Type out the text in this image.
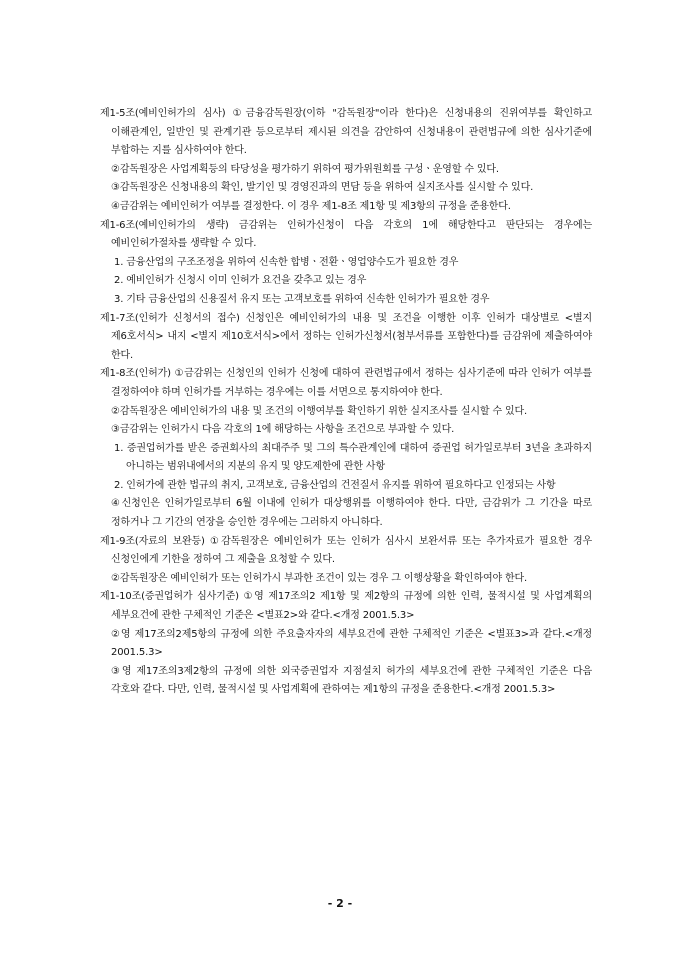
제1-5조(예비인허가의 심사) ①금융감독원장(이하 "감독원장"이라 한다)은 신청내용의 진위여부를 확인하고 이해관계인, 일반인 및 관계기관 등으로부터 제시된 의견을 감안하여 신청내용이 관련법규에 의한 심사기준에 부합하는 지를 심사하여야 한다.

②감독원장은 사업계획등의 타당성을 평가하기 위하여 평가위원회를 구성ㆍ운영할 수 있다.

③감독원장은 신청내용의 확인, 발기인 및 경영진과의 면담 등을 위하여 실지조사를 실시할 수 있다.

④금감위는 예비인허가 여부를 결정한다. 이 경우 제1-8조 제1항 및 제3항의 규정을 준용한다.

제1-6조(예비인허가의 생략) 금감위는 인허가신청이 다음 각호의 1에 해당한다고 판단되는 경우에는 예비인허가절차를 생략할 수 있다.

1. 금융산업의 구조조정을 위하여 신속한 합병ㆍ전환ㆍ영업양수도가 필요한 경우

2. 예비인허가 신청시 이미 인허가 요건을 갖추고 있는 경우

3. 기타 금융산업의 신용질서 유지 또는 고객보호를 위하여 신속한 인허가가 필요한 경우

제1-7조(인허가 신청서의 접수) 신청인은 예비인허가의 내용 및 조건을 이행한 이후 인허가 대상별로 <별지 제6호서식> 내지 <별지 제10호서식>에서 정하는 인허가신청서(첨부서류를 포함한다)를 금감위에 제출하여야 한다.

제1-8조(인허가) ①금감위는 신청인의 인허가 신청에 대하여 관련법규에서 정하는 심사기준에 따라 인허가 여부를 결정하여야 하며 인허가를 거부하는 경우에는 이를 서면으로 통지하여야 한다.

②감독원장은 예비인허가의 내용 및 조건의 이행여부를 확인하기 위한 실지조사를 실시할 수 있다.

③금감위는 인허가시 다음 각호의 1에 해당하는 사항을 조건으로 부과할 수 있다.

1. 증권업허가를 받은 증권회사의 최대주주 및 그의 특수관계인에 대하여 증권업 허가일로부터 3년을 초과하지 아니하는 범위내에서의 지분의 유지 및 양도제한에 관한 사항

2. 인허가에 관한 법규의 취지, 고객보호, 금융산업의 건전질서 유지를 위하여 필요하다고 인정되는 사항

④신청인은 인허가일로부터 6월 이내에 인허가 대상행위를 이행하여야 한다. 다만, 금감위가 그 기간을 따로 정하거나 그 기간의 연장을 승인한 경우에는 그러하지 아니하다.

제1-9조(자료의 보완등) ①감독원장은 예비인허가 또는 인허가 심사시 보완서류 또는 추가자료가 필요한 경우 신청인에게 기한을 정하여 그 제출을 요청할 수 있다.

②감독원장은 예비인허가 또는 인허가시 부과한 조건이 있는 경우 그 이행상황을 확인하여야 한다.

제1-10조(증권업허가 심사기준) ①영 제17조의2 제1항 및 제2항의 규정에 의한 인력, 물적시설 및 사업계획의 세부요건에 관한 구체적인 기준은 <별표2>와 같다.<개정 2001.5.3>

②영 제17조의2제5항의 규정에 의한 주요출자자의 세부요건에 관한 구체적인 기준은 <별표3>과 같다.<개정 2001.5.3>

③영 제17조의3제2항의 규정에 의한 외국증권업자 지점설치 허가의 세부요건에 관한 구체적인 기준은 다음 각호와 같다. 다만, 인력, 물적시설 및 사업계획에 관하여는 제1항의 규정을 준용한다.<개정 2001.5.3>

- 2 -
